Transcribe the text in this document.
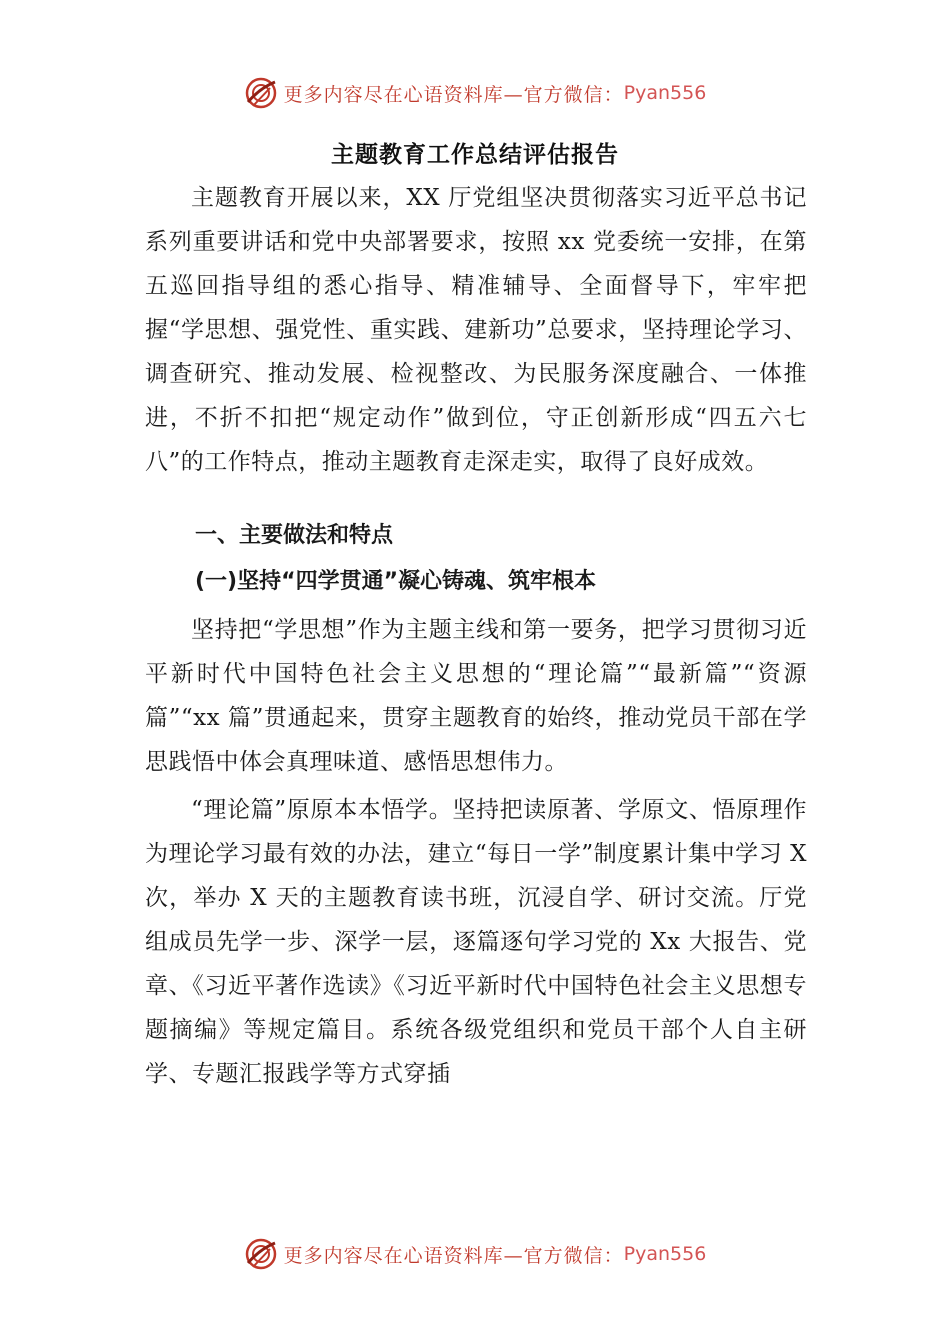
更多内容尽在心语资料库—官方微信： Pyan556
主题教育工作总结评估报告

主题教育开展以来，XX 厅党组坚决贯彻落实习近平总书记系列重要讲话和党中央部署要求，按照 xx 党委统一安排，在第五巡回指导组的悉心指导、精准辅导、全面督导下，牢牢把握“学思想、强党性、重实践、建新功”总要求，坚持理论学习、调查研究、推动发展、检视整改、为民服务深度融合、一体推进，不折不扣把“规定动作”做到位，守正创新形成“四五六七八”的工作特点，推动主题教育走深走实，取得了良好成效。

一、主要做法和特点
(一)坚持“四学贯通”凝心铸魂、筑牢根本

坚持把“学思想”作为主题主线和第一要务，把学习贯彻习近平新时代中国特色社会主义思想的“理论篇”“最新篇”“资源篇”“xx 篇”贯通起来，贯穿主题教育的始终，推动党员干部在学思践悟中体会真理味道、感悟思想伟力。

“理论篇”原原本本悟学。坚持把读原著、学原文、悟原理作为理论学习最有效的办法，建立“每日一学”制度累计集中学习 X 次，举办 X 天的主题教育读书班，沉浸自学、研讨交流。厅党组成员先学一步、深学一层，逐篇逐句学习党的 Xx 大报告、党章、《习近平著作选读》《习近平新时代中国特色社会主义思想专题摘编》等规定篇目。系统各级党组织和党员干部个人自主研学、专题汇报践学等方式穿插

更多内容尽在心语资料库—官方微信： Pyan556
